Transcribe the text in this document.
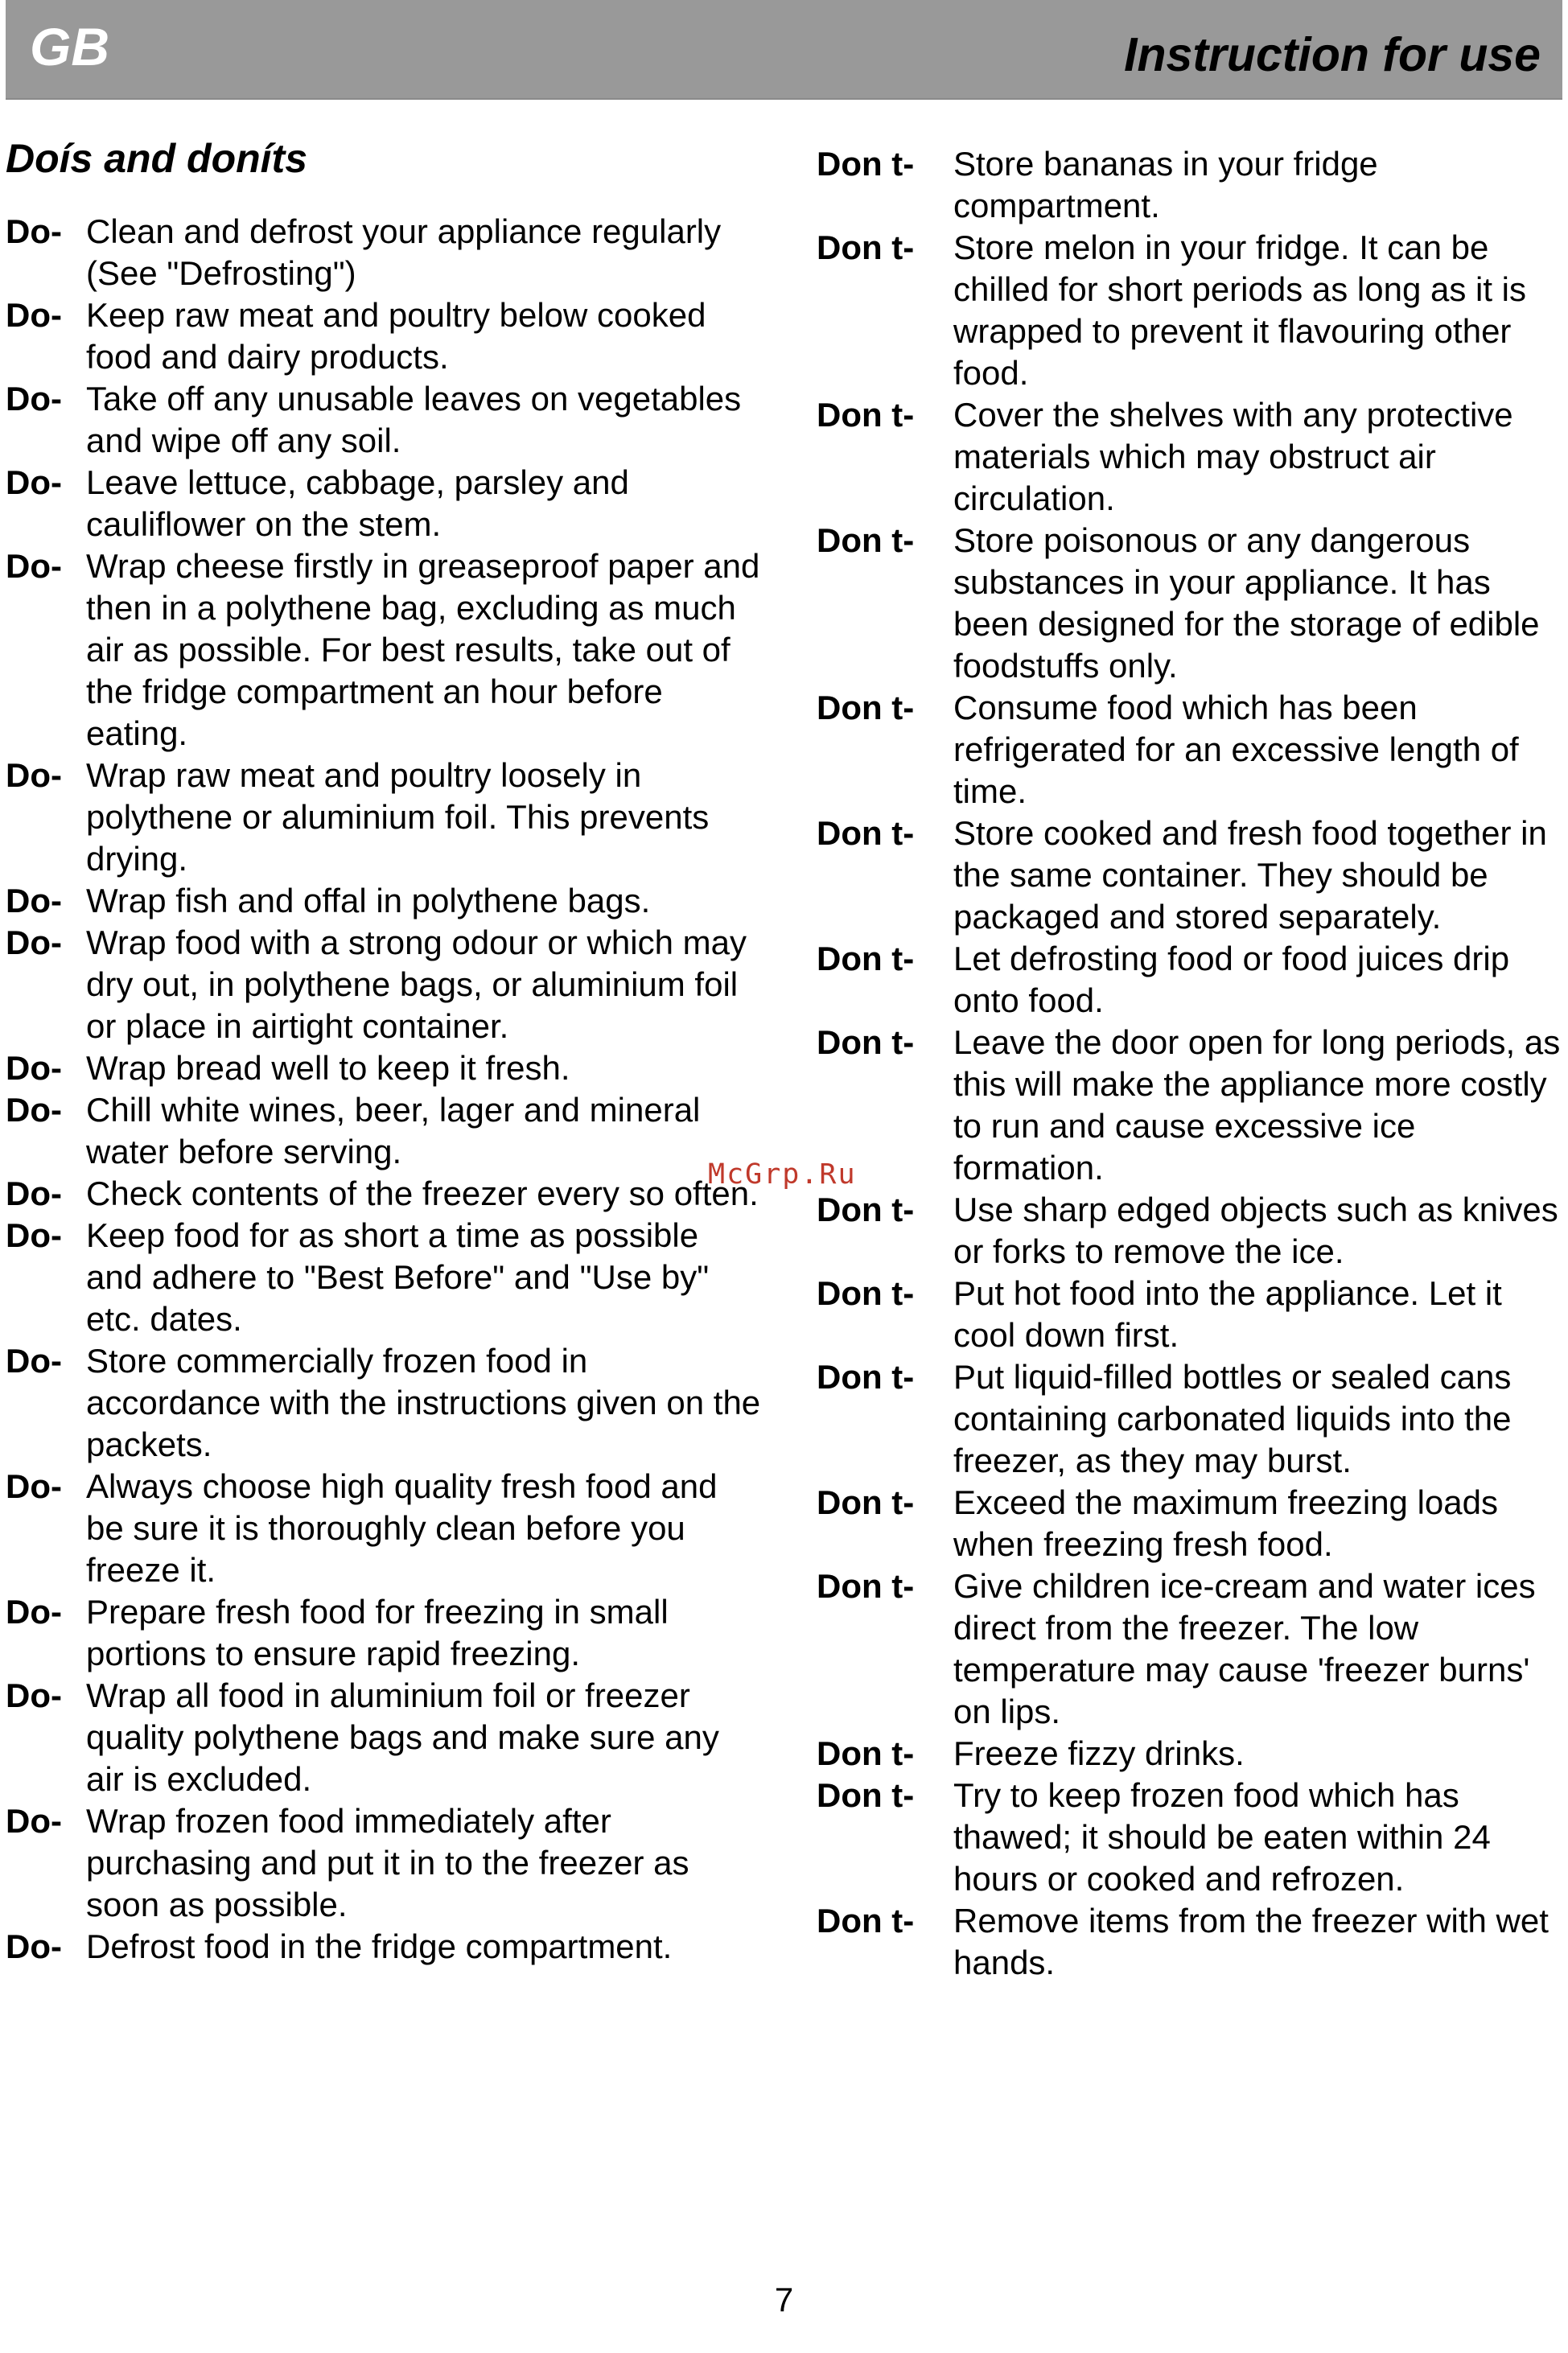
GB	Instruction for use
Doís and doníts
Do- Clean and defrost your appliance regularly (See "Defrosting")
Do- Keep raw meat and poultry below cooked food and dairy products.
Do- Take off any unusable leaves on vegetables and wipe off any soil.
Do- Leave lettuce, cabbage, parsley and cauliflower on the stem.
Do- Wrap cheese firstly in greaseproof paper and then in a polythene bag, excluding as much air as possible. For best results, take out of the fridge compartment an hour before eating.
Do- Wrap raw meat and poultry loosely in polythene or aluminium foil. This prevents drying.
Do- Wrap fish and offal in polythene bags.
Do- Wrap food with a strong odour or which may dry out, in polythene bags, or aluminium foil or place in airtight container.
Do- Wrap bread well to keep it fresh.
Do- Chill white wines, beer, lager and mineral water before serving.
Do- Check contents of the freezer every so often.
Do- Keep food for as short a time as possible and adhere to "Best Before" and "Use by" etc. dates.
Do- Store commercially frozen food in accordance with the instructions given on the packets.
Do- Always choose high quality fresh food and be sure it is thoroughly clean before you freeze it.
Do- Prepare fresh food for freezing in small portions to ensure rapid freezing.
Do- Wrap all food in aluminium foil or freezer quality polythene bags and make sure any air is excluded.
Do- Wrap frozen food immediately after purchasing and put it in to the freezer as soon as possible.
Do- Defrost food in the fridge compartment.
Don t-	Store bananas in your fridge compartment.
Don t-	Store melon in your fridge. It can be chilled for short periods as long as it is wrapped to prevent it flavouring other food.
Don t-	Cover the shelves with any protective materials which may obstruct air circulation.
Don t-	Store poisonous or any dangerous substances in your appliance. It has been designed for the storage of edible foodstuffs only.
Don t-	Consume food which has been refrigerated for an excessive length of time.
Don t-	Store cooked and fresh food together in the same container. They should be packaged and stored separately.
Don t-	Let defrosting food or food juices drip onto food.
Don t-	Leave the door open for long periods, as this will make the appliance more costly to run and cause excessive ice formation.
Don t-	Use sharp edged objects such as knives or forks to remove the ice.
Don t-	Put hot food into the appliance. Let it cool down first.
Don t-	Put liquid-filled bottles or sealed cans containing carbonated liquids into the freezer, as they may burst.
Don t-	Exceed the maximum freezing loads when freezing fresh food.
Don t-	Give children ice-cream and water ices direct from the freezer. The low temperature may cause 'freezer burns' on lips.
Don t-	Freeze fizzy drinks.
Don t-	Try to keep frozen food which has thawed; it should be eaten within 24 hours or cooked and refrozen.
Don t-	Remove items from the freezer with wet hands.
McGrp.Ru
7
